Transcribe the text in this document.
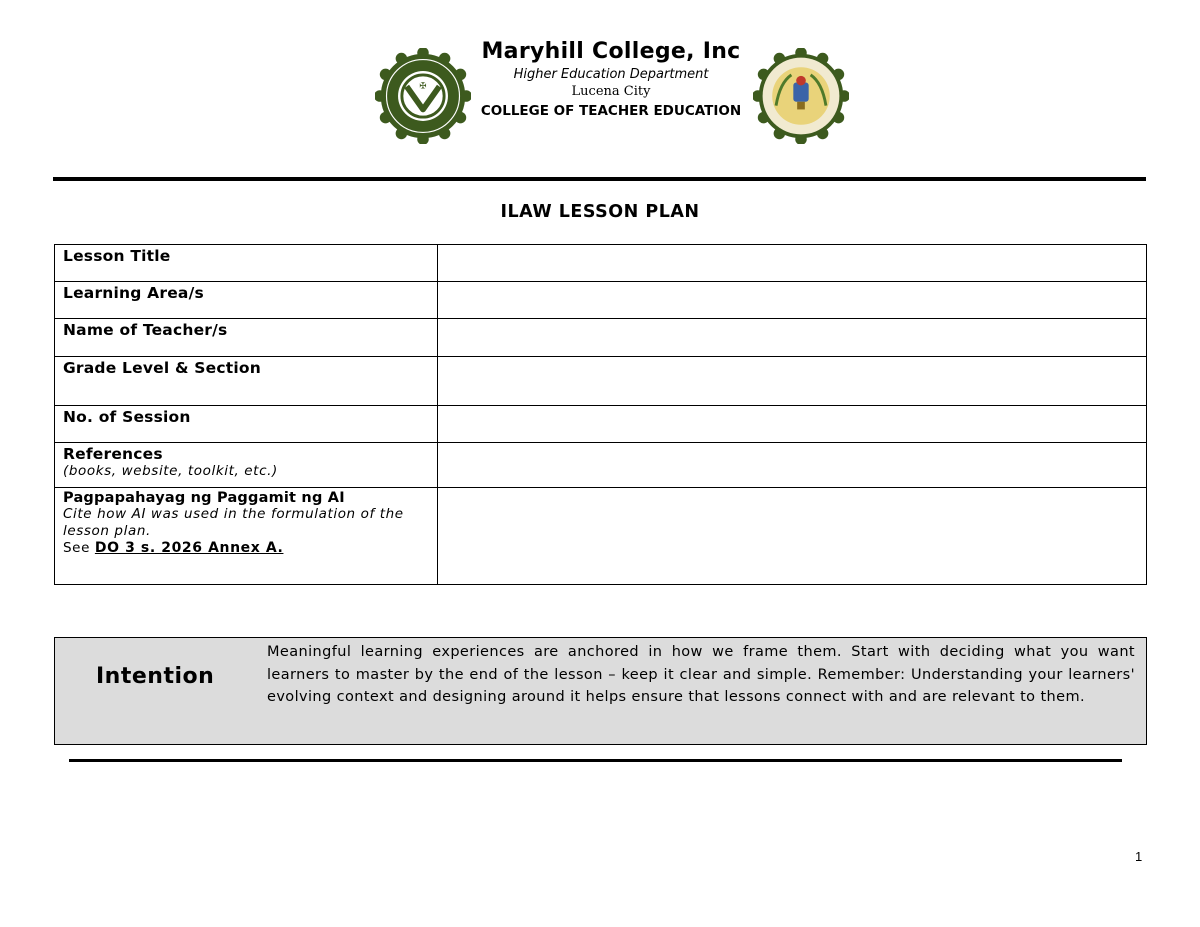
✠
Maryhill College, Inc
Higher Education Department
Lucena City
COLLEGE OF TEACHER EDUCATION
ILAW LESSON PLAN
Lesson Title	
Learning Area/s	
Name of Teacher/s	
Grade Level & Section	
No. of Session	

References
(books, website, toolkit, etc.)	

Pagpapahayag ng Paggamit ng AI
Cite how AI was used in the formulation of the lesson plan.
See DO 3 s. 2026 Annex A.	

Intention
Meaningful learning experiences are anchored in how we frame them. Start with deciding what you want learners to master by the end of the lesson – keep it clear and simple. Remember: Understanding your learners' evolving context and designing around it helps ensure that lessons connect with and are relevant to them.
1
